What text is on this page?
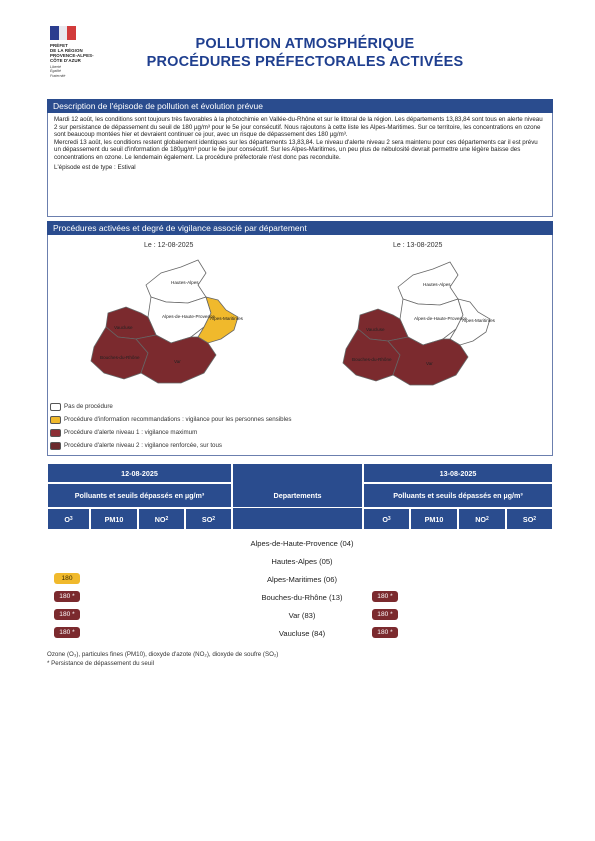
PRÉFET
DE LA RÉGION
PROVENCE-ALPES-
CÔTE D'AZUR
Liberté
Égalité
Fraternité
POLLUTION ATMOSPHÉRIQUE
PROCÉDURES PRÉFECTORALES ACTIVÉES
Description de l'épisode de pollution et évolution prévue

Mardi 12 août, les conditions sont toujours très favorables à la photochimie en Vallée-du-Rhône et sur le littoral de la région. Les départements 13,83,84 sont tous en alerte niveau 2 sur persistance de dépassement du seuil de 180 µg/m³ pour le 5e jour consécutif. Nous rajoutons à cette liste les Alpes-Maritimes. Sur ce territoire, les concentrations en ozone sont beaucoup montées hier et devraient continuer ce jour, avec un risque de dépassement des 180 µg/m³.

Mercredi 13 août, les conditions restent globalement identiques sur les départements 13,83,84. Le niveau d'alerte niveau 2 sera maintenu pour ces départements car il est prévu un dépassement du seuil d'information de 180µg/m³ pour le 6e jour consécutif. Sur les Alpes-Maritimes, un peu plus de nébulosité devrait permettre une légère baisse des concentrations en ozone. Le lendemain également. La procédure préfectorale n'est donc pas reconduite.

L'épisode est de type : Estival

Procédures activées et degré de vigilance associé par département
Le : 12-08-2025	Le : 13-08-2025
Hautes-Alpes
Alpes-de-Haute-Provence
Alpes-Maritimes
Vaucluse
Bouches-du-Rhône
Var
Hautes-Alpes
Alpes-de-Haute-Provence
Alpes-Maritimes
Vaucluse
Bouches-du-Rhône
Var
Pas de procédure
Procédure d'information recommandations : vigilance pour les personnes sensibles
Procédure d'alerte niveau 1 : vigilance maximum
Procédure d'alerte niveau 2 : vigilance renforcée, sur tous
12-08-2025	13-08-2025
Polluants et seuils dépassés en µg/m³	Departements	Polluants et seuils dépassés en µg/m³
O 3	PM10	NO 2	SO 2	O 3	PM10	NO 2	SO 2
Alpes-de-Haute-Provence (04)
Hautes-Alpes (05)
180	Alpes-Maritimes (06)
180 *	Bouches-du-Rhône (13)	180 *
180 *	Var (83)	180 *
180 *	Vaucluse (84)	180 *
Ozone (O₃), particules fines (PM10), dioxyde d'azote (NO₂), dioxyde de soufre (SO₂)
* Persistance de dépassement du seuil
